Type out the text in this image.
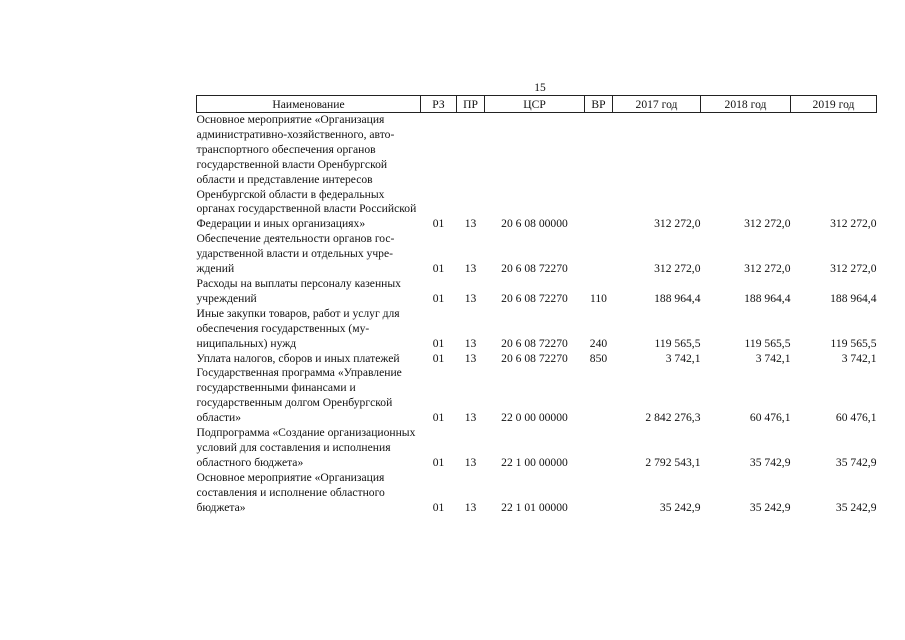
15
Наименование	РЗ	ПР	ЦСР	ВР	2017 год	2018 год	2019 год
Основное мероприятие «Организация административно-хозяйственного, автотранспортного обеспечения органов государственной власти Оренбургской области и представление интересов Оренбургской области в федеральных органах государственной власти Российской Федерации и иных организациях»	01	13	20 6 08 00000		312 272,0	312 272,0	312 272,0
Обеспечение деятельности органов государственной власти и отдельных учреждений	01	13	20 6 08 72270		312 272,0	312 272,0	312 272,0
Расходы на выплаты персоналу казенных учреждений	01	13	20 6 08 72270	110	188 964,4	188 964,4	188 964,4
Иные закупки товаров, работ и услуг для обеспечения государственных (муниципальных) нужд	01	13	20 6 08 72270	240	119 565,5	119 565,5	119 565,5
Уплата налогов, сборов и иных платежей	01	13	20 6 08 72270	850	3 742,1	3 742,1	3 742,1
Государственная программа «Управление государственными финансами и государственным долгом Оренбургской области»	01	13	22 0 00 00000		2 842 276,3	60 476,1	60 476,1
Подпрограмма «Создание организационных условий для составления и исполнения областного бюджета»	01	13	22 1 00 00000		2 792 543,1	35 742,9	35 742,9
Основное мероприятие «Организация составления и исполнение областного бюджета»	01	13	22 1 01 00000		35 242,9	35 242,9	35 242,9
